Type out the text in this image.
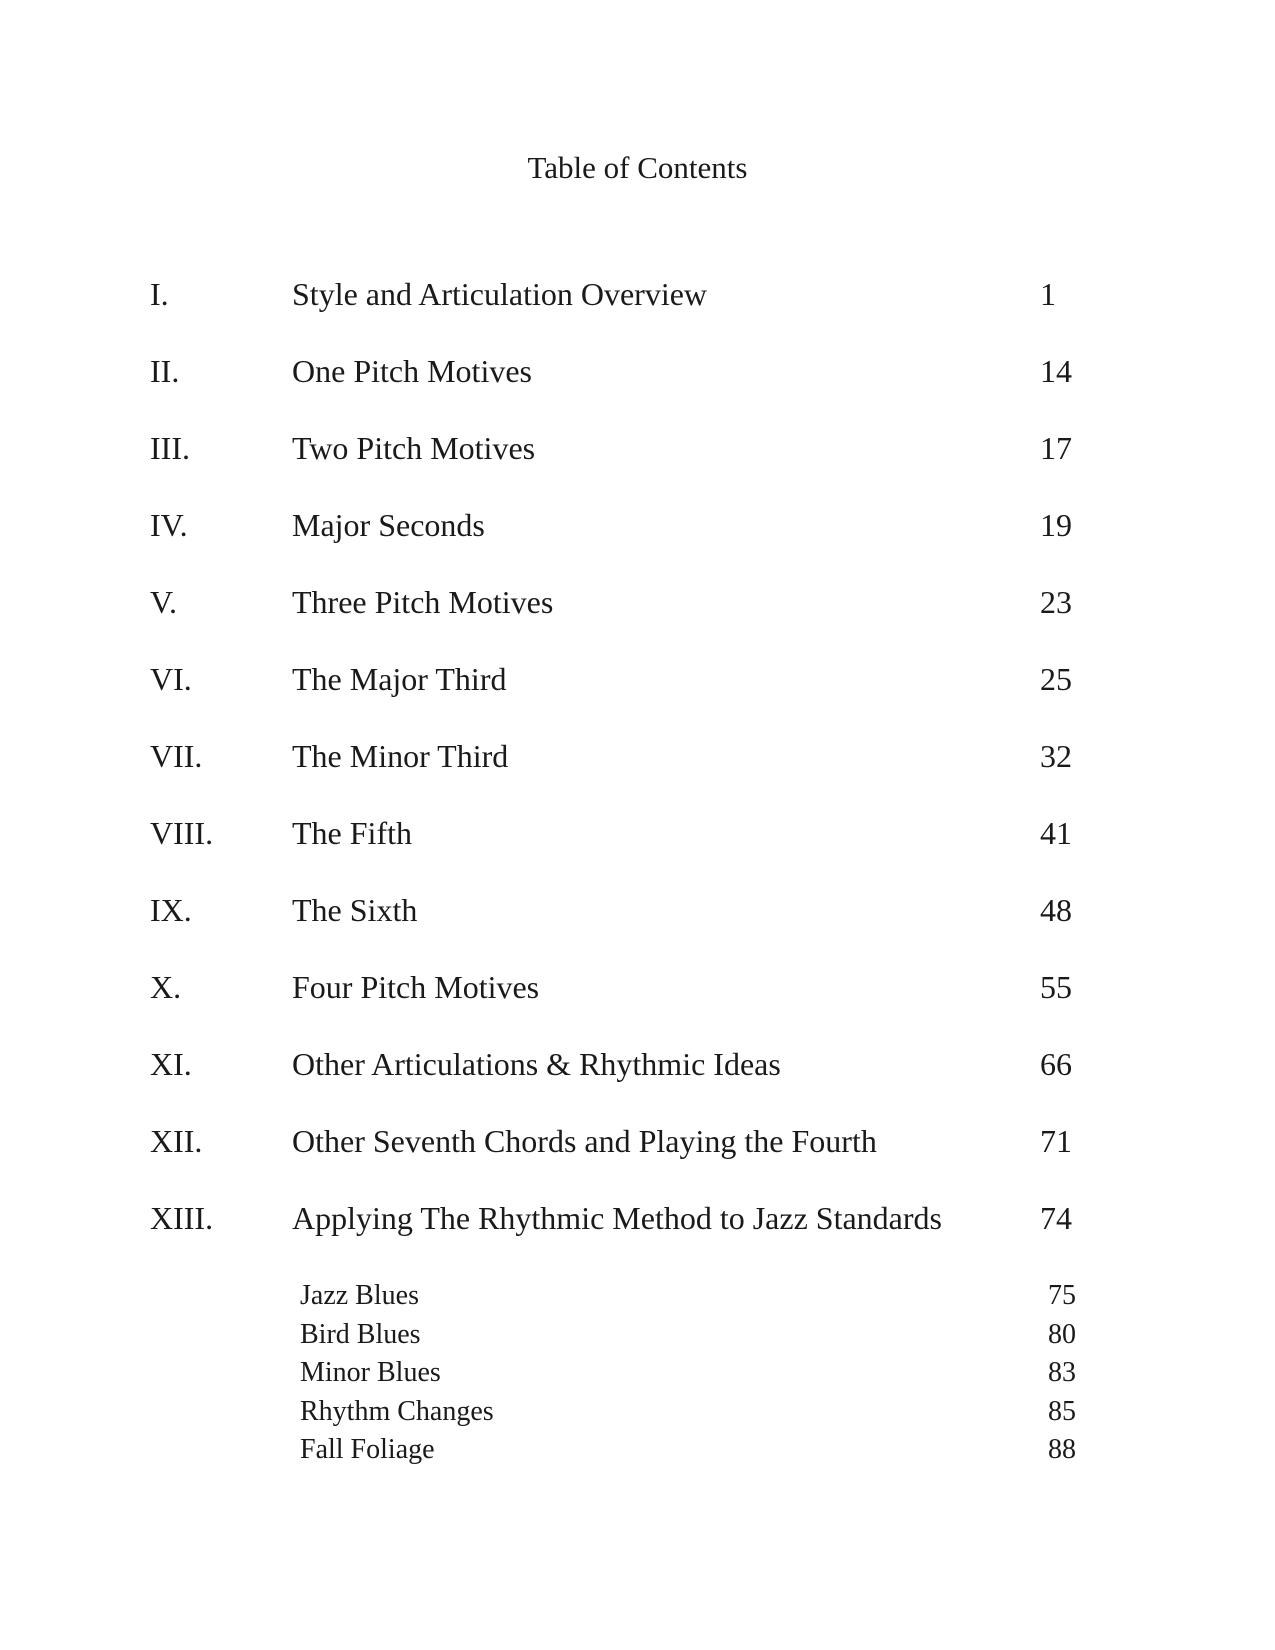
Table of Contents
I.	Style and Articulation Overview	1
II.	One Pitch Motives	14
III.	Two Pitch Motives	17
IV.	Major Seconds	19
V.	Three Pitch Motives	23
VI.	The Major Third	25
VII.	The Minor Third	32
VIII. The Fifth	41
IX.	The Sixth	48
X.	Four Pitch Motives	55
XI.	Other Articulations & Rhythmic Ideas	66
XII.	Other Seventh Chords and Playing the Fourth	71
XIII. Applying The Rhythmic Method to Jazz Standards	74
Jazz Blues	75
Bird Blues	80
Minor Blues	83
Rhythm Changes	85
Fall Foliage	88
